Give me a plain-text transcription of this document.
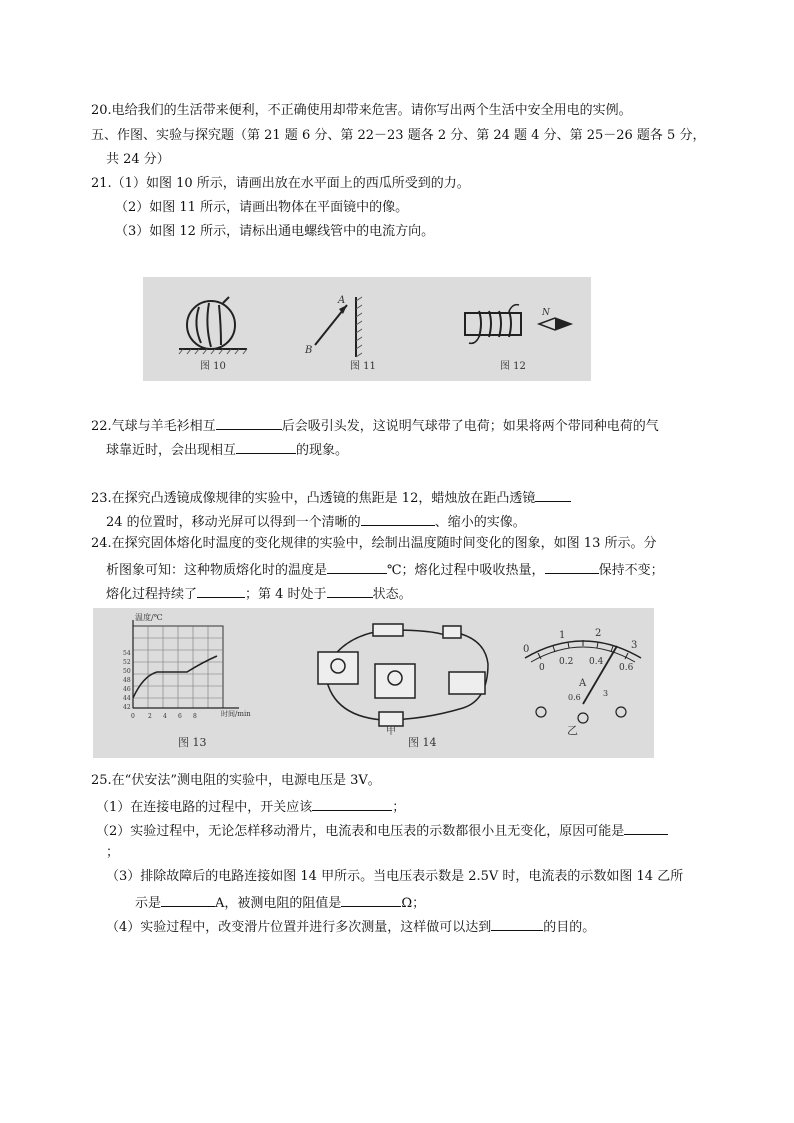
20.电给我们的生活带来便利，不正确使用却带来危害。请你写出两个生活中安全用电的实例。
五、作图、实验与探究题（第 21 题 6 分、第 22－23 题各 2 分、第 24 题 4 分、第 25－26 题各 5 分，
共 24 分）
21.（1）如图 10 所示，请画出放在水平面上的西瓜所受到的力。
（2）如图 11 所示，请画出物体在平面镜中的像。
（3）如图 12 所示，请标出通电螺线管中的电流方向。
图 10
A
B
图 11
N
图 12
22.气球与羊毛衫相互	后会吸引头发，这说明气球带了电荷；如果将两个带同种电荷的气
球靠近时，会出现相互	的现象。
23.在探究凸透镜成像规律的实验中，凸透镜的焦距是 12，蜡烛放在距凸透镜
24 的位置时，移动光屏可以得到一个清晰的	、缩小的实像。
24.在探究固体熔化时温度的变化规律的实验中，绘制出温度随时间变化的图象，如图 13 所示。分
析图象可知：这种物质熔化时的温度是	℃；熔化过程中吸收热量，	保持不变；
熔化过程持续了	；第 4 时处于	状态。
温度/℃
时间/min
54
52
50
48
46
44
42
0 2 4 6 8
图 13
甲
图 14
0
1	2
3
0
0.2 0.4
0.6
A
0.6	3
乙
25.在“伏安法”测电阻的实验中，电源电压是 3V。
（1）在连接电路的过程中，开关应该	；
（2）实验过程中，无论怎样移动滑片，电流表和电压表的示数都很小且无变化，原因可能是
；
（3）排除故障后的电路连接如图 14 甲所示。当电压表示数是 2.5V 时，电流表的示数如图 14 乙所
示是	A，被测电阻的阻值是	Ω；
（4）实验过程中，改变滑片位置并进行多次测量，这样做可以达到	的目的。
